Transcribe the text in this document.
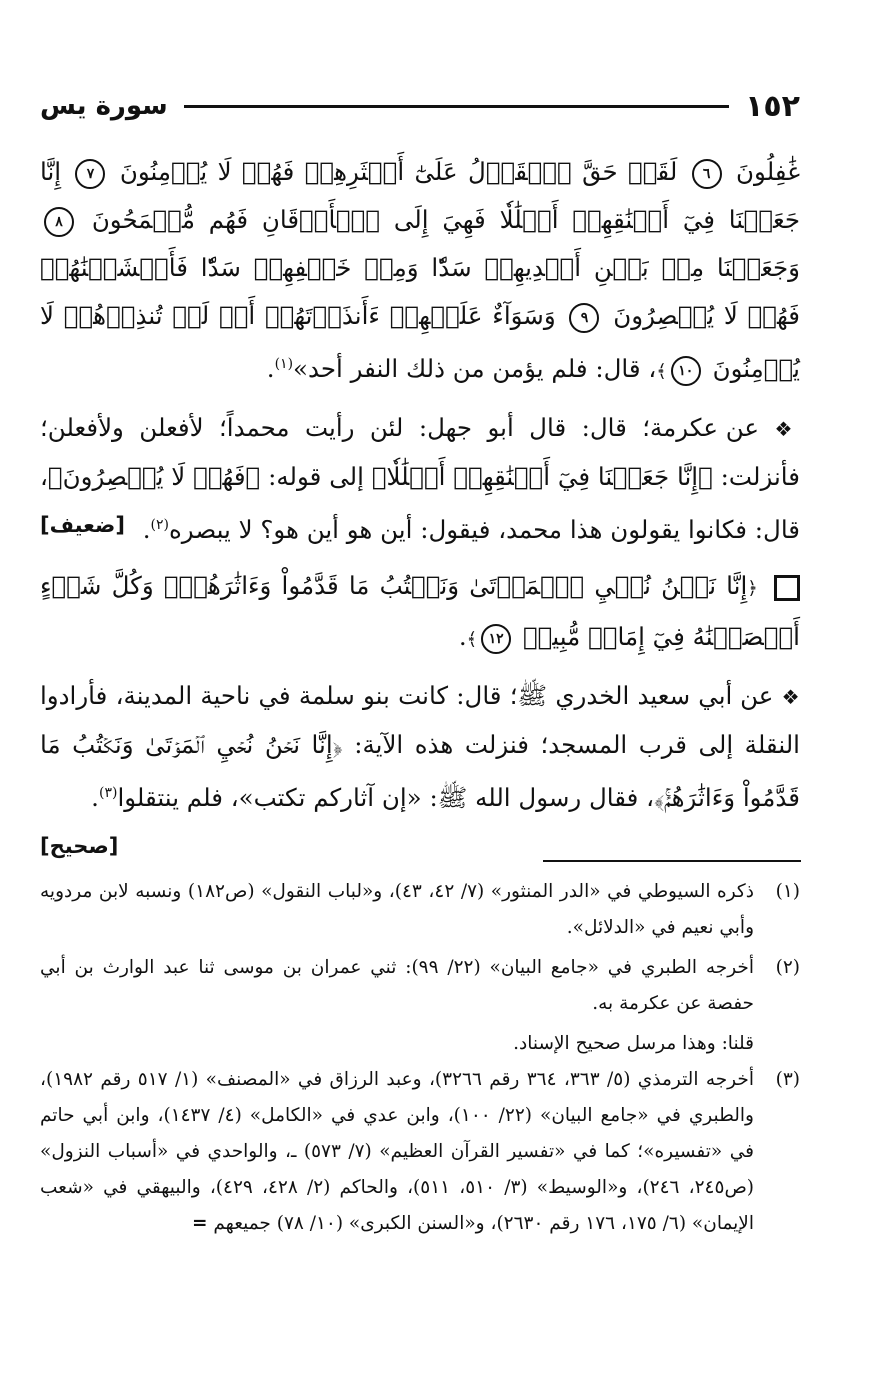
١٥٢
سورة يس

غَٰفِلُونَ ٦ لَقَدۡ حَقَّ ٱلۡقَوۡلُ عَلَىٰٓ أَكۡثَرِهِمۡ فَهُمۡ لَا يُؤۡمِنُونَ ٧ إِنَّا جَعَلۡنَا فِيٓ أَعۡنَٰقِهِمۡ أَغۡلَٰلٗا فَهِيَ إِلَى ٱلۡأَذۡقَانِ فَهُم مُّقۡمَحُونَ ٨ وَجَعَلۡنَا مِنۢ بَيۡنِ أَيۡدِيهِمۡ سَدّٗا وَمِنۡ خَلۡفِهِمۡ سَدّٗا فَأَغۡشَيۡنَٰهُمۡ فَهُمۡ لَا يُبۡصِرُونَ ٩ وَسَوَآءٌ عَلَيۡهِمۡ ءَأَنذَرۡتَهُمۡ أَمۡ لَمۡ تُنذِرۡهُمۡ لَا يُؤۡمِنُونَ ١٠﴾، قال: فلم يؤمن من ذلك النفر أحد»$^{(١)}$.

❖ عن عكرمة؛ قال: قال أبو جهل: لئن رأيت محمداً؛ لأفعلن ولأفعلن؛ فأنزلت: ﴿إِنَّا جَعَلۡنَا فِيٓ أَعۡنَٰقِهِمۡ أَغۡلَٰلٗا﴾ إلى قوله: ﴿فَهُمۡ لَا يُبۡصِرُونَ﴾، قال: فكانوا يقولون هذا محمد، فيقول: أين هو أين هو؟ لا يبصره$^{(٢)}$.
[ضعيف]

﴿إِنَّا نَحۡنُ نُحۡيِ ٱلۡمَوۡتَىٰ وَنَكۡتُبُ مَا قَدَّمُواْ وَءَاثَٰرَهُمۡۚ وَكُلَّ شَيۡءٍ أَحۡصَيۡنَٰهُ فِيٓ إِمَامٖ مُّبِينٖ ١٢﴾.

❖ عن أبي سعيد الخدري ﷺ؛ قال: كانت بنو سلمة في ناحية المدينة، فأرادوا النقلة إلى قرب المسجد؛ فنزلت هذه الآية: ﴿إِنَّا نَحۡنُ نُحۡيِ ٱلۡمَوۡتَىٰ وَنَكۡتُبُ مَا قَدَّمُواْ وَءَاثَٰرَهُمۡۚ﴾، فقال رسول الله ﷺ: «إن آثاركم تكتب»، فلم ينتقلوا$^{(٣)}$.
[صحيح]

(١)
ذكره السيوطي في «الدر المنثور» (٧/ ٤٢، ٤٣)، و«لباب النقول» (ص١٨٢) ونسبه لابن مردويه وأبي نعيم في «الدلائل».
(٢)
أخرجه الطبري في «جامع البيان» (٢٢/ ٩٩): ثني عمران بن موسى ثنا عبد الوارث بن أبي حفصة عن عكرمة به.
قلنا: وهذا مرسل صحيح الإسناد.
(٣)
أخرجه الترمذي (٥/ ٣٦٣، ٣٦٤ رقم ٣٢٦٦)، وعبد الرزاق في «المصنف» (١/ ٥١٧ رقم ١٩٨٢)، والطبري في «جامع البيان» (٢٢/ ١٠٠)، وابن عدي في «الكامل» (٤/ ١٤٣٧)، وابن أبي حاتم في «تفسيره»؛ كما في «تفسير القرآن العظيم» (٧/ ٥٧٣) ـ، والواحدي في «أسباب النزول» (ص٢٤٥، ٢٤٦)، و«الوسيط» (٣/ ٥١٠، ٥١١)، والحاكم (٢/ ٤٢٨، ٤٢٩)، والبيهقي في «شعب الإيمان» (٦/ ١٧٥، ١٧٦ رقم ٢٦٣٠)، و«السنن الكبرى» (١٠/ ٧٨) جميعهم =
